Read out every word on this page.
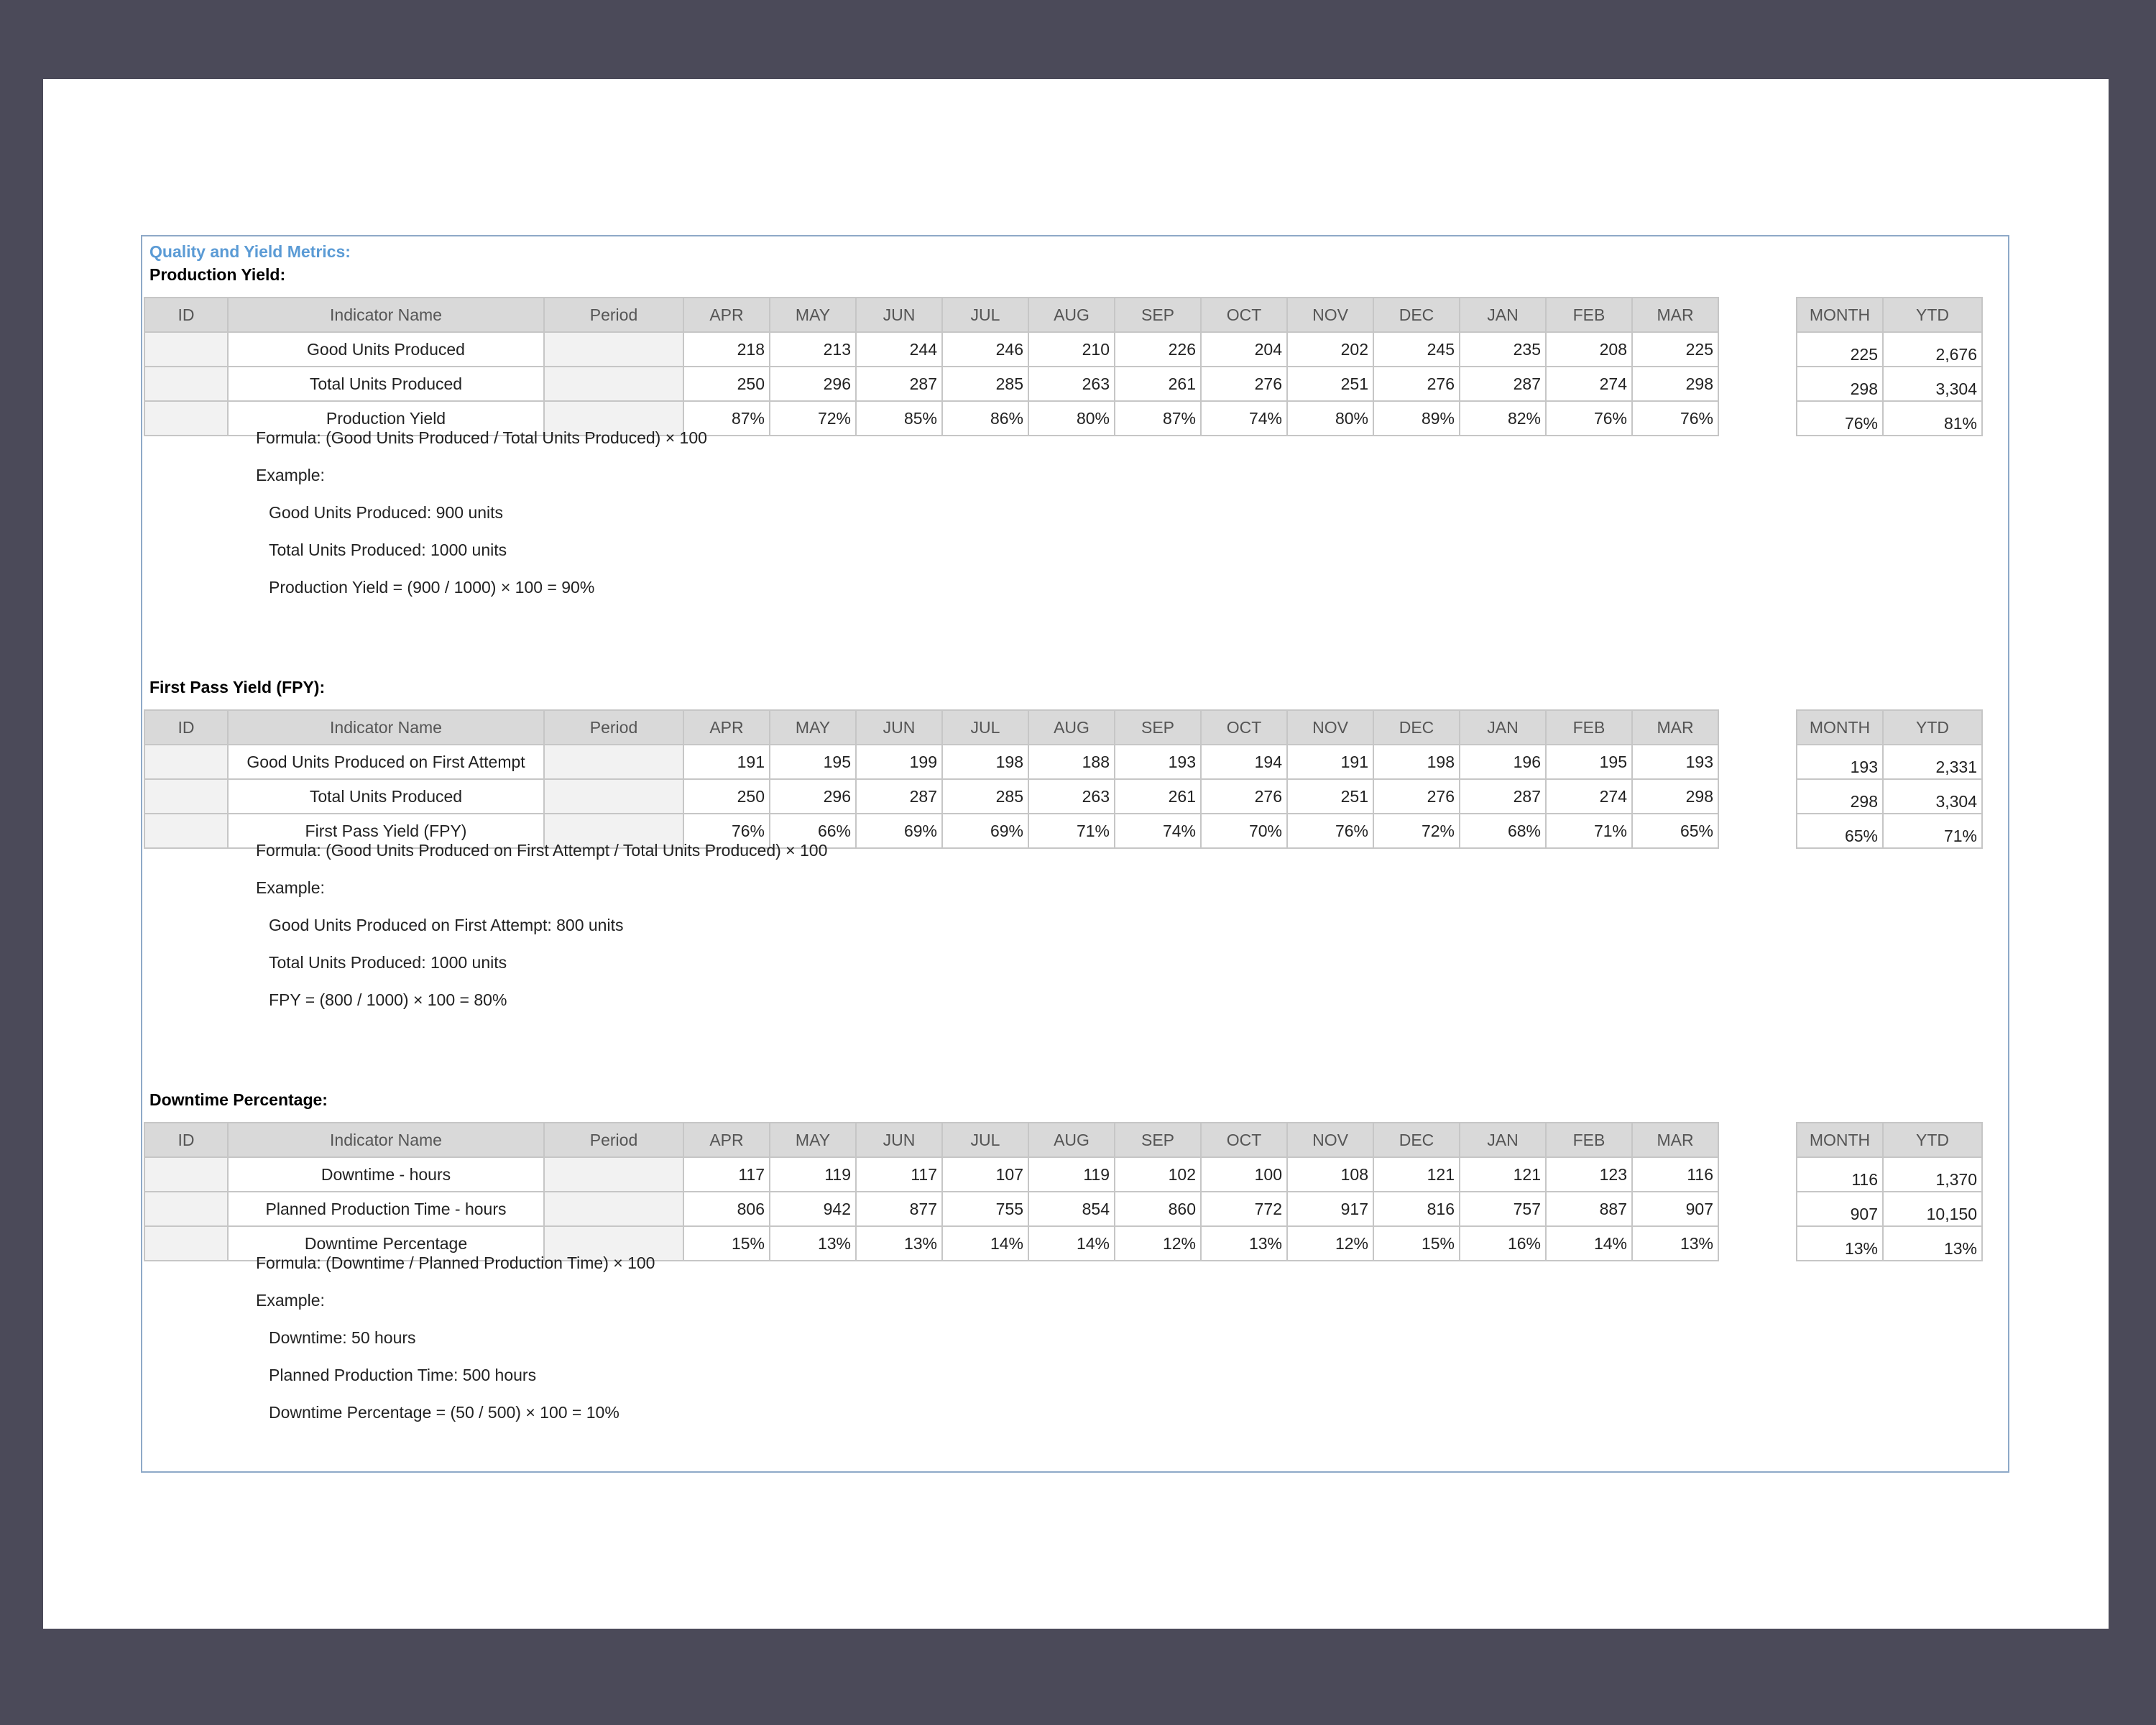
Quality and Yield Metrics:
Production Yield:
ID	Indicator Name	Period	APR	MAY	JUN	JUL	AUG	SEP	OCT	NOV	DEC	JAN	FEB	MAR
	Good Units Produced		218	213	244	246	210	226	204	202	245	235	208	225
	Total Units Produced		250	296	287	285	263	261	276	251	276	287	274	298
	Production Yield		87%	72%	85%	86%	80%	87%	74%	80%	89%	82%	76%	76%
MONTH	YTD
225	2,676
298	3,304
76%	81%
Formula: (Good Units Produced / Total Units Produced) × 100
Example:
Good Units Produced: 900 units
Total Units Produced: 1000 units
Production Yield = (900 / 1000) × 100 = 90%
First Pass Yield (FPY):
ID	Indicator Name	Period	APR	MAY	JUN	JUL	AUG	SEP	OCT	NOV	DEC	JAN	FEB	MAR
	Good Units Produced on First Attempt		191	195	199	198	188	193	194	191	198	196	195	193
	Total Units Produced		250	296	287	285	263	261	276	251	276	287	274	298
	First Pass Yield (FPY)		76%	66%	69%	69%	71%	74%	70%	76%	72%	68%	71%	65%
MONTH	YTD
193	2,331
298	3,304
65%	71%
Formula: (Good Units Produced on First Attempt / Total Units Produced) × 100
Example:
Good Units Produced on First Attempt: 800 units
Total Units Produced: 1000 units
FPY = (800 / 1000) × 100 = 80%
Downtime Percentage:
ID	Indicator Name	Period	APR	MAY	JUN	JUL	AUG	SEP	OCT	NOV	DEC	JAN	FEB	MAR
	Downtime - hours		117	119	117	107	119	102	100	108	121	121	123	116
	Planned Production Time - hours		806	942	877	755	854	860	772	917	816	757	887	907
	Downtime Percentage		15%	13%	13%	14%	14%	12%	13%	12%	15%	16%	14%	13%
MONTH	YTD
116	1,370
907	10,150
13%	13%
Formula: (Downtime / Planned Production Time) × 100
Example:
Downtime: 50 hours
Planned Production Time: 500 hours
Downtime Percentage = (50 / 500) × 100 = 10%
